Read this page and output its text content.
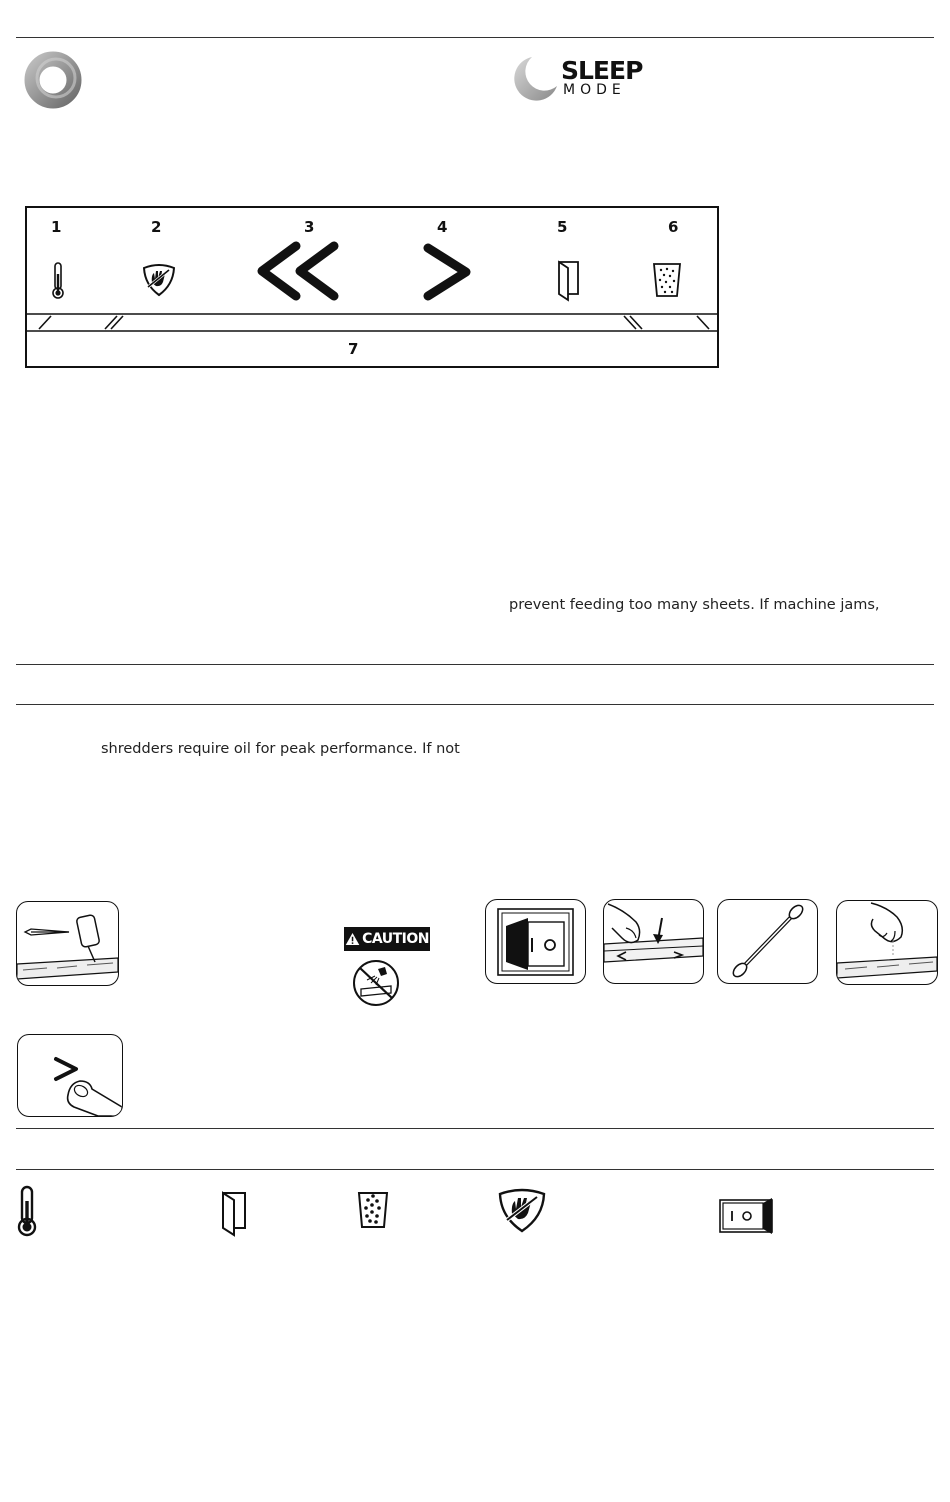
SLEEP
MODE
1	2	3	4	5	6
7
prevent feeding too many sheets. If machine jams,
shredders require oil for peak performance. If not
CAUTION
